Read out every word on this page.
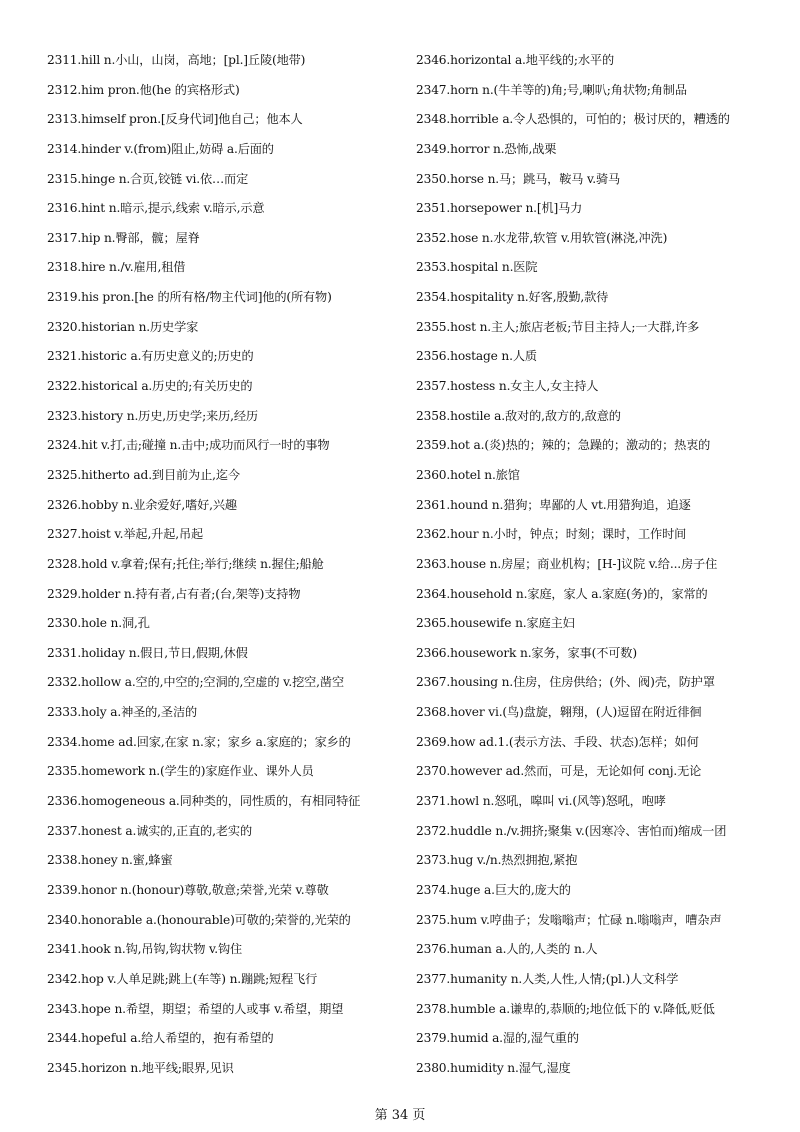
2311.hill n.小山，山岗，高地；[pl.]丘陵(地带)
2312.him pron.他(he 的宾格形式)
2313.himself pron.[反身代词]他自己；他本人
2314.hinder v.(from)阻止,妨碍 a.后面的
2315.hinge n.合页,铰链 vi.依…而定
2316.hint n.暗示,提示,线索 v.暗示,示意
2317.hip n.臀部，髋；屋脊
2318.hire n./v.雇用,租借
2319.his pron.[he 的所有格/物主代词]他的(所有物)
2320.historian n.历史学家
2321.historic a.有历史意义的;历史的
2322.historical a.历史的;有关历史的
2323.history n.历史,历史学;来历,经历
2324.hit v.打,击;碰撞 n.击中;成功而风行一时的事物
2325.hitherto ad.到目前为止,迄今
2326.hobby n.业余爱好,嗜好,兴趣
2327.hoist v.举起,升起,吊起
2328.hold v.拿着;保有;托住;举行;继续 n.握住;船舱
2329.holder n.持有者,占有者;(台,架等)支持物
2330.hole n.洞,孔
2331.holiday n.假日,节日,假期,休假
2332.hollow a.空的,中空的;空洞的,空虚的 v.挖空,凿空
2333.holy a.神圣的,圣洁的
2334.home ad.回家,在家 n.家；家乡 a.家庭的；家乡的
2335.homework n.(学生的)家庭作业、课外人员
2336.homogeneous a.同种类的，同性质的，有相同特征
2337.honest a.诚实的,正直的,老实的
2338.honey n.蜜,蜂蜜
2339.honor n.(honour)尊敬,敬意;荣誉,光荣 v.尊敬
2340.honorable a.(honourable)可敬的;荣誉的,光荣的
2341.hook n.钩,吊钩,钩状物 v.钩住
2342.hop v.人单足跳;跳上(车等) n.蹦跳;短程飞行
2343.hope n.希望，期望；希望的人或事 v.希望，期望
2344.hopeful a.给人希望的，抱有希望的
2345.horizon n.地平线;眼界,见识
2346.horizontal a.地平线的;水平的
2347.horn n.(牛羊等的)角;号,喇叭;角状物;角制品
2348.horrible a.令人恐惧的，可怕的；极讨厌的，糟透的
2349.horror n.恐怖,战栗
2350.horse n.马；跳马，鞍马 v.骑马
2351.horsepower n.[机]马力
2352.hose n.水龙带,软管 v.用软管(淋浇,冲洗)
2353.hospital n.医院
2354.hospitality n.好客,殷勤,款待
2355.host n.主人;旅店老板;节目主持人;一大群,许多
2356.hostage n.人质
2357.hostess n.女主人,女主持人
2358.hostile a.敌对的,敌方的,敌意的
2359.hot a.(炎)热的；辣的；急躁的；激动的；热衷的
2360.hotel n.旅馆
2361.hound n.猎狗；卑鄙的人 vt.用猎狗追，追逐
2362.hour n.小时，钟点；时刻；课时，工作时间
2363.house n.房屋；商业机构；[H-]议院 v.给...房子住
2364.household n.家庭，家人 a.家庭(务)的，家常的
2365.housewife n.家庭主妇
2366.housework n.家务，家事(不可数)
2367.housing n.住房，住房供给；(外、阀)壳，防护罩
2368.hover vi.(鸟)盘旋，翱翔，(人)逗留在附近徘徊
2369.how ad.1.(表示方法、手段、状态)怎样；如何
2370.however ad.然而，可是，无论如何 conj.无论
2371.howl n.怒吼，嗥叫 vi.(风等)怒吼，咆哮
2372.huddle n./v.拥挤;聚集 v.(因寒冷、害怕而)缩成一团
2373.hug v./n.热烈拥抱,紧抱
2374.huge a.巨大的,庞大的
2375.hum v.哼曲子；发嗡嗡声；忙碌 n.嗡嗡声，嘈杂声
2376.human a.人的,人类的 n.人
2377.humanity n.人类,人性,人情;(pl.)人文科学
2378.humble a.谦卑的,恭顺的;地位低下的 v.降低,贬低
2379.humid a.湿的,湿气重的
2380.humidity n.湿气,湿度
第 34 页
